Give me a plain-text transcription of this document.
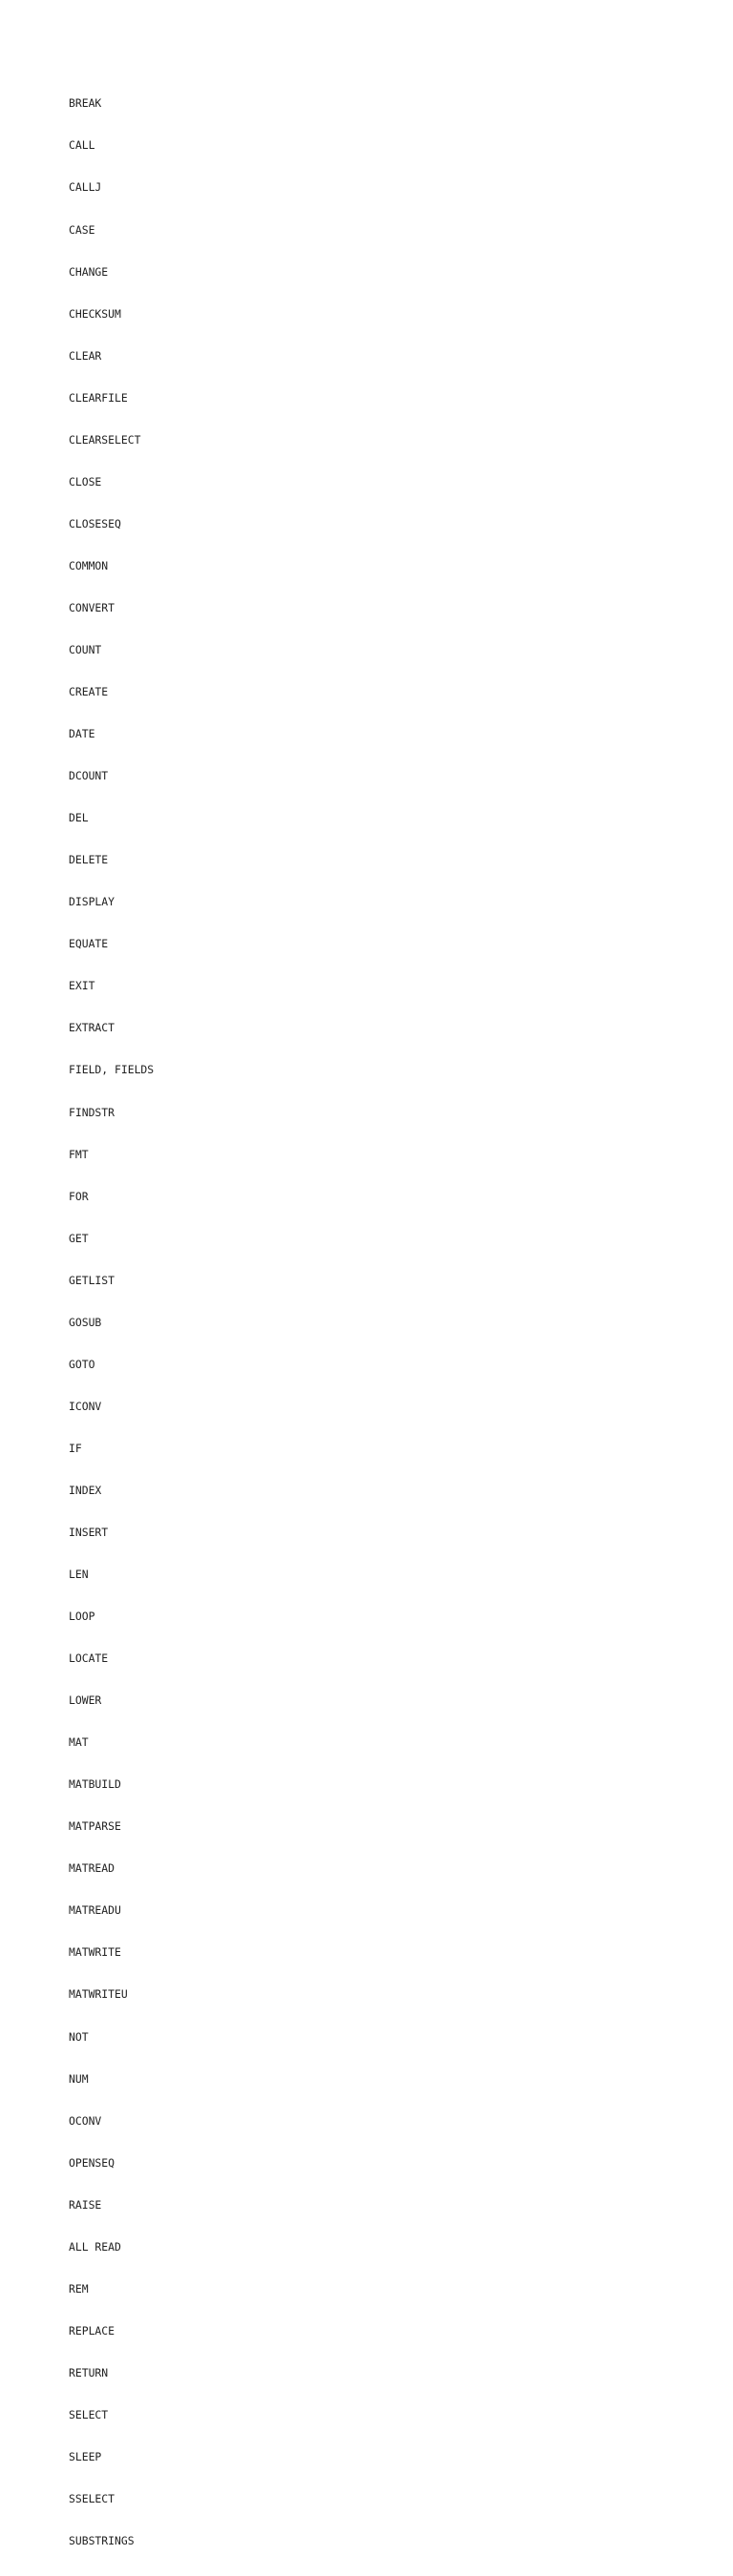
BREAK

CALL

CALLJ

CASE

CHANGE

CHECKSUM

CLEAR

CLEARFILE

CLEARSELECT

CLOSE

CLOSESEQ

COMMON

CONVERT

COUNT

CREATE

DATE

DCOUNT

DEL

DELETE

DISPLAY

EQUATE

EXIT

EXTRACT

FIELD, FIELDS

FINDSTR

FMT

FOR

GET

GETLIST

GOSUB

GOTO

ICONV

IF

INDEX

INSERT

LEN

LOOP

LOCATE

LOWER

MAT

MATBUILD

MATPARSE

MATREAD

MATREADU

MATWRITE

MATWRITEU

NOT

NUM

OCONV

OPENSEQ

RAISE

ALL READ

REM

REPLACE

RETURN

SELECT

SLEEP

SSELECT

SUBSTRINGS
